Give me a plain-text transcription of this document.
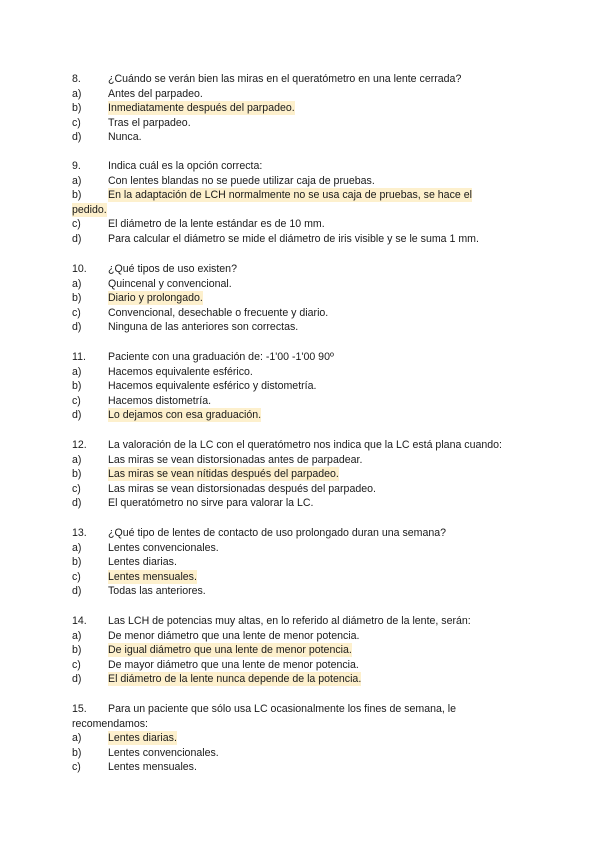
8.	¿Cuándo se verán bien las miras en el queratómetro en una lente cerrada?
a)	Antes del parpadeo.
b)	Inmediatamente después del parpadeo.
c)	Tras el parpadeo.
d)	Nunca.
9.	Indica cuál es la opción correcta:
a)	Con lentes blandas no se puede utilizar caja de pruebas.
b)	En la adaptación de LCH normalmente no se usa caja de pruebas, se hace el
pedido.
c)	El diámetro de la lente estándar es de 10 mm.
d)	Para calcular el diámetro se mide el diámetro de iris visible y se le suma 1 mm.
10. ¿Qué tipos de uso existen?
a)	Quincenal y convencional.
b)	Diario y prolongado.
c)	Convencional, desechable o frecuente y diario.
d)	Ninguna de las anteriores son correctas.
11. Paciente con una graduación de: -1'00 -1'00 90º
a)	Hacemos equivalente esférico.
b)	Hacemos equivalente esférico y distometría.
c)	Hacemos distometría.
d)	Lo dejamos con esa graduación.
12. La valoración de la LC con el queratómetro nos indica que la LC está plana cuando:
a)	Las miras se vean distorsionadas antes de parpadear.
b)	Las miras se vean nítidas después del parpadeo.
c)	Las miras se vean distorsionadas después del parpadeo.
d)	El queratómetro no sirve para valorar la LC.
13. ¿Qué tipo de lentes de contacto de uso prolongado duran una semana?
a)	Lentes convencionales.
b)	Lentes diarias.
c)	Lentes mensuales.
d)	Todas las anteriores.
14. Las LCH de potencias muy altas, en lo referido al diámetro de la lente, serán:
a)	De menor diámetro que una lente de menor potencia.
b)	De igual diámetro que una lente de menor potencia.
c)	De mayor diámetro que una lente de menor potencia.
d)	El diámetro de la lente nunca depende de la potencia.
15. Para un paciente que sólo usa LC ocasionalmente los fines de semana, le
recomendamos:
a)	Lentes diarias.
b)	Lentes convencionales.
c)	Lentes mensuales.
